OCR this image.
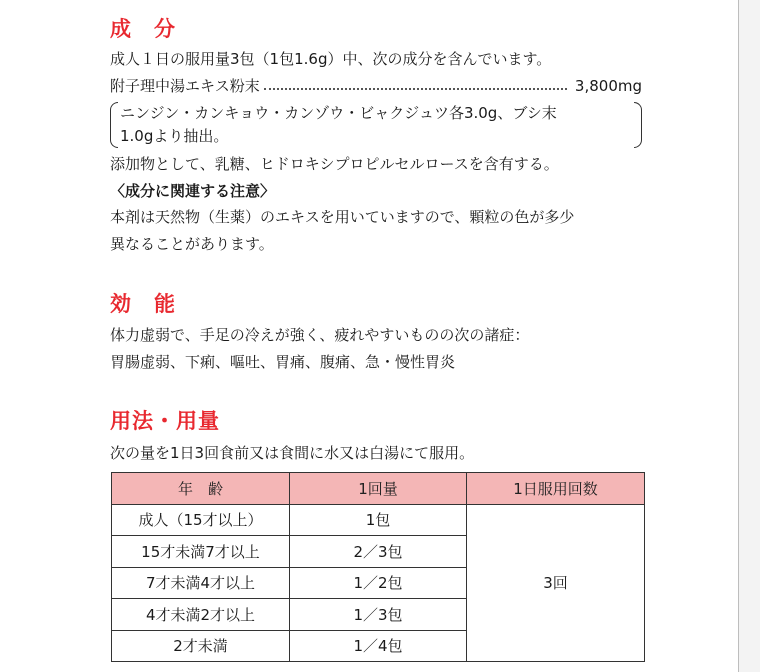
成　分
成人１日の服用量3包（1包1.6g）中、次の成分を含んでいます。
附子理中湯エキス粉末	3,800mg
ニンジン・カンキョウ・カンゾウ・ビャクジュツ各3.0g、ブシ末
1.0gより抽出。
添加物として、乳糖、ヒドロキシプロピルセルロースを含有する。
〈成分に関連する注意〉
本剤は天然物（生薬）のエキスを用いていますので、顆粒の色が多少
異なることがあります。
効　能
体力虚弱で、手足の冷えが強く、疲れやすいものの次の諸症：
胃腸虚弱、下痢、嘔吐、胃痛、腹痛、急・慢性胃炎
用法・用量
次の量を1日3回食前又は食間に水又は白湯にて服用。
年　齢	1回量	1日服用回数
成人（15才以上）	1包	3回
15才未満7才以上	2／3包	
7才未満4才以上	1／2包	
4才未満2才以上	1／3包	
2才未満	1／4包	
